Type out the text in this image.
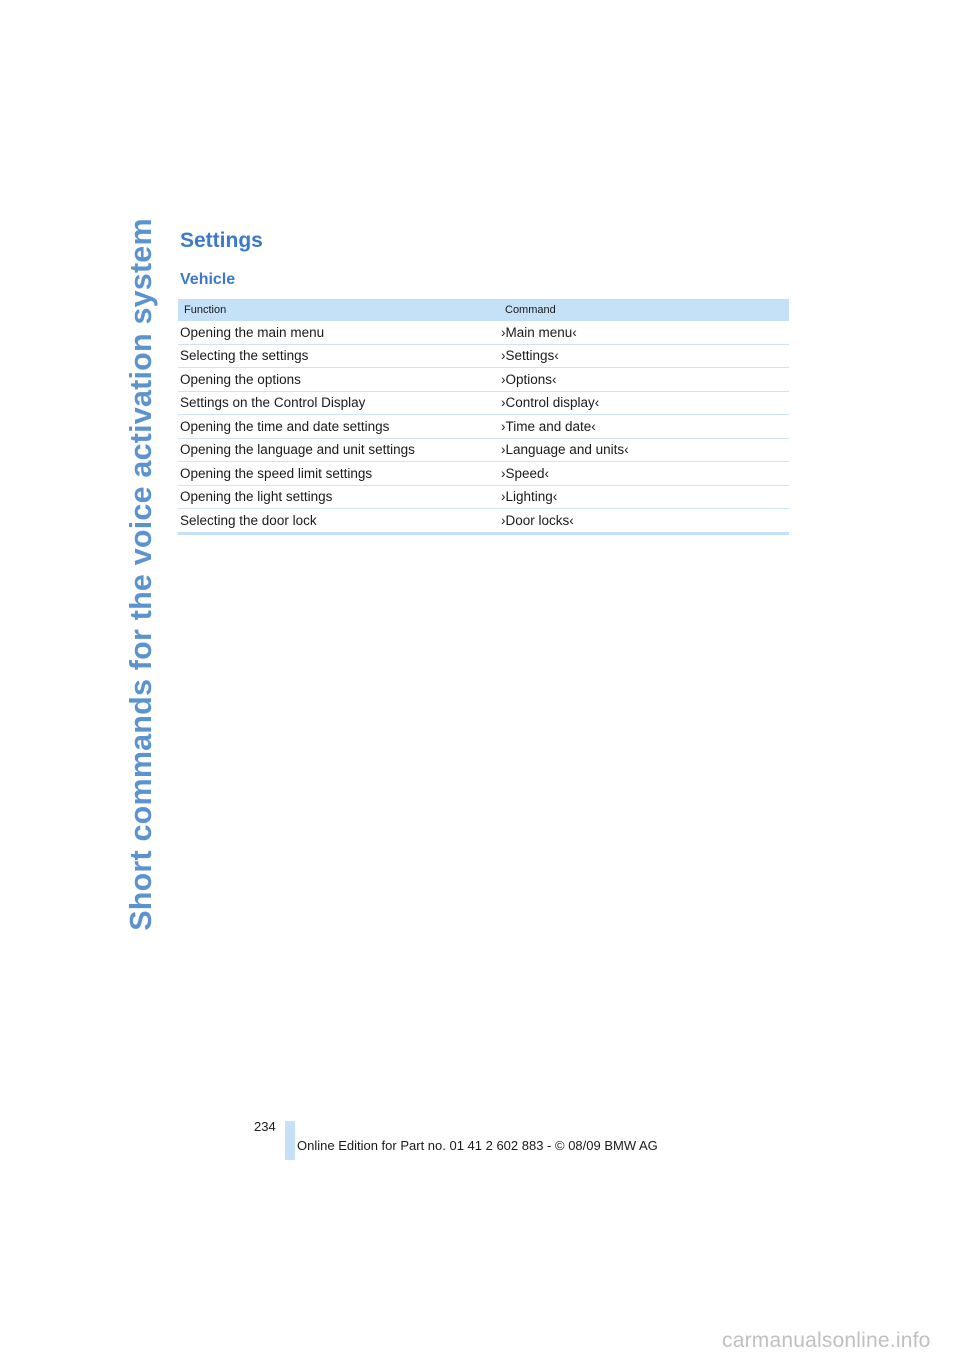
Short commands for the voice activation system Settings
Vehicle
Function	Command
Opening the main menu	›Main menu‹
Selecting the settings	›Settings‹
Opening the options	›Options‹
Settings on the Control Display	›Control display‹
Opening the time and date settings	›Time and date‹
Opening the language and unit settings	›Language and units‹
Opening the speed limit settings	›Speed‹
Opening the light settings	›Lighting‹
Selecting the door lock	›Door locks‹
234
Online Edition for Part no. 01 41 2 602 883 - © 08/09 BMW AG
carmanualsonline.info
